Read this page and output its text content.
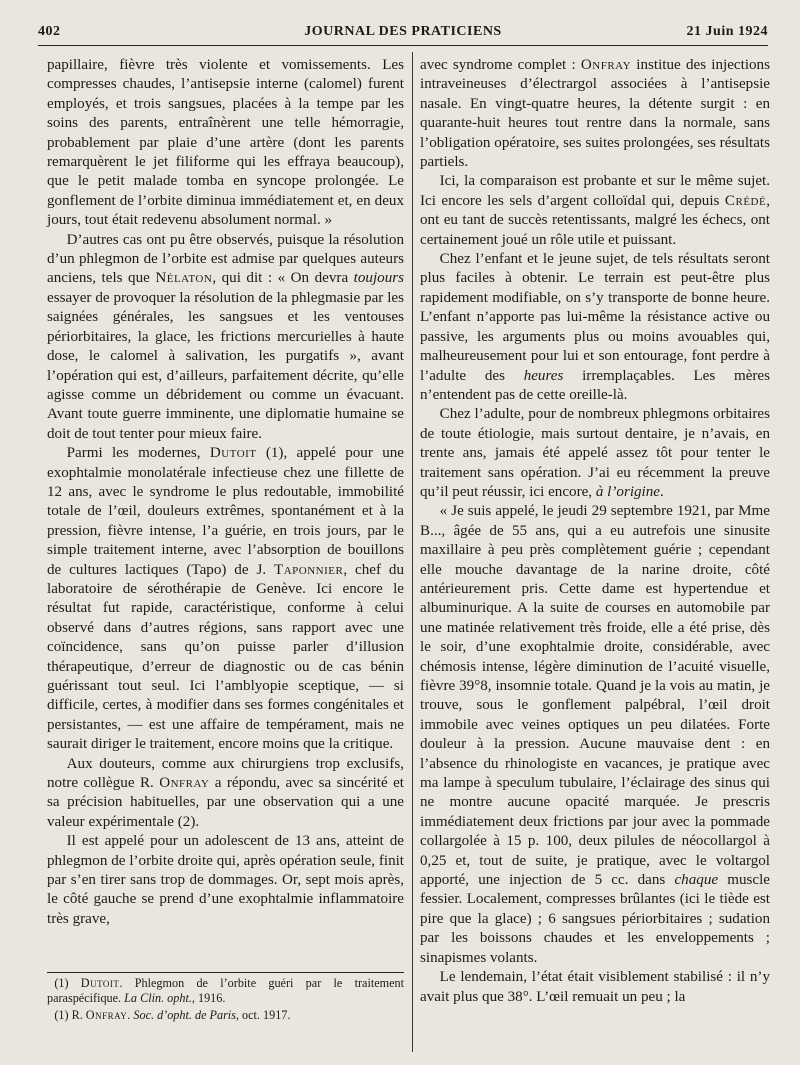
402	JOURNAL DES PRATICIENS	21 Juin 1924

papillaire, fièvre très violente et vomissements. Les compresses chaudes, l’antisepsie interne (calomel) furent employés, et trois sangsues, placées à la tempe par les soins des parents, entraînèrent une telle hémorragie, probablement par plaie d’une artère (dont les parents remarquèrent le jet filiforme qui les effraya beaucoup), que le petit malade tomba en syncope prolongée. Le gonflement de l’orbite diminua immédiatement et, en deux jours, tout était redevenu absolument normal. »

D’autres cas ont pu être observés, puisque la résolution d’un phlegmon de l’orbite est admise par quelques auteurs anciens, tels que Nélaton, qui dit : « On devra toujours essayer de provoquer la résolution de la phlegmasie par les saignées générales, les sangsues et les ventouses périorbitaires, la glace, les frictions mercurielles à haute dose, le calomel à salivation, les purgatifs », avant l’opération qui est, d’ailleurs, parfaitement décrite, qu’elle agisse comme un débridement ou comme un évacuant. Avant toute guerre imminente, une diplomatie humaine se doit de tout tenter pour mieux faire.

Parmi les modernes, Dutoit (1), appelé pour une exophtalmie monolatérale infectieuse chez une fillette de 12 ans, avec le syndrome le plus redoutable, immobilité totale de l’œil, douleurs extrêmes, spontanément et à la pression, fièvre intense, l’a guérie, en trois jours, par le simple traitement interne, avec l’absorption de bouillons de cultures lactiques (Tapo) de J. Taponnier, chef du laboratoire de sérothérapie de Genève. Ici encore le résultat fut rapide, caractéristique, conforme à celui observé dans d’autres régions, sans rapport avec une coïncidence, sans qu’on puisse parler d’illusion thérapeutique, d’erreur de diagnostic ou de cas bénin guérissant tout seul. Ici l’amblyopie sceptique, — si difficile, certes, à modifier dans ses formes congénitales et persistantes, — est une affaire de tempérament, mais ne saurait diriger le traitement, encore moins que la critique.

Aux douteurs, comme aux chirurgiens trop exclusifs, notre collègue R. Onfray a répondu, avec sa sincérité et sa précision habituelles, par une observation qui a une valeur expérimentale (2).

Il est appelé pour un adolescent de 13 ans, atteint de phlegmon de l’orbite droite qui, après opération seule, finit par s’en tirer sans trop de dommages. Or, sept mois après, le côté gauche se prend d’une exophtalmie inflammatoire très grave,

(1) Dutoit. Phlegmon de l’orbite guéri par le traitement paraspécifique. La Clin. opht., 1916.

(1) R. Onfray. Soc. d’opht. de Paris, oct. 1917.

avec syndrome complet : Onfray institue des injections intraveineuses d’électrargol associées à l’antisepsie nasale. En vingt-quatre heures, la détente surgit : en quarante-huit heures tout rentre dans la normale, sans l’obligation opératoire, ses suites prolongées, ses résultats partiels.

Ici, la comparaison est probante et sur le même sujet. Ici encore les sels d’argent colloïdal qui, depuis Crédé, ont eu tant de succès retentissants, malgré les échecs, ont certainement joué un rôle utile et puissant.

Chez l’enfant et le jeune sujet, de tels résultats seront plus faciles à obtenir. Le terrain est peut-être plus rapidement modifiable, on s’y transporte de bonne heure. L’enfant n’apporte pas lui-même la résistance active ou passive, les arguments plus ou moins avouables qui, malheureusement pour lui et son entourage, font perdre à l’adulte des heures irremplaçables. Les mères n’entendent pas de cette oreille-là.

Chez l’adulte, pour de nombreux phlegmons orbitaires de toute étiologie, mais surtout dentaire, je n’avais, en trente ans, jamais été appelé assez tôt pour tenter le traitement sans opération. J’ai eu récemment la preuve qu’il peut réussir, ici encore, à l’origine.

« Je suis appelé, le jeudi 29 septembre 1921, par Mme B..., âgée de 55 ans, qui a eu autrefois une sinusite maxillaire à peu près complètement guérie ; cependant elle mouche davantage de la narine droite, côté antérieurement pris. Cette dame est hypertendue et albuminurique. A la suite de courses en automobile par une matinée relativement très froide, elle a été prise, dès le soir, d’une exophtalmie droite, considérable, avec chémosis intense, légère diminution de l’acuité visuelle, fièvre 39°8, insomnie totale. Quand je la vois au matin, je trouve, sous le gonflement palpébral, l’œil droit immobile avec veines optiques un peu dilatées. Forte douleur à la pression. Aucune mauvaise dent : en l’absence du rhinologiste en vacances, je pratique avec ma lampe à speculum tubulaire, l’éclairage des sinus qui ne montre aucune opacité marquée. Je prescris immédiatement deux frictions par jour avec la pommade collargolée à 15 p. 100, deux pilules de néocollargol à 0,25 et, tout de suite, je pratique, avec le voltargol apporté, une injection de 5 cc. dans chaque muscle fessier. Localement, compresses brûlantes (ici le tiède est pire que la glace) ; 6 sangsues périorbitaires ; sudation par les boissons chaudes et les enveloppements ; sinapismes volants.

Le lendemain, l’état était visiblement stabilisé : il n’y avait plus que 38°. L’œil remuait un peu ; la
